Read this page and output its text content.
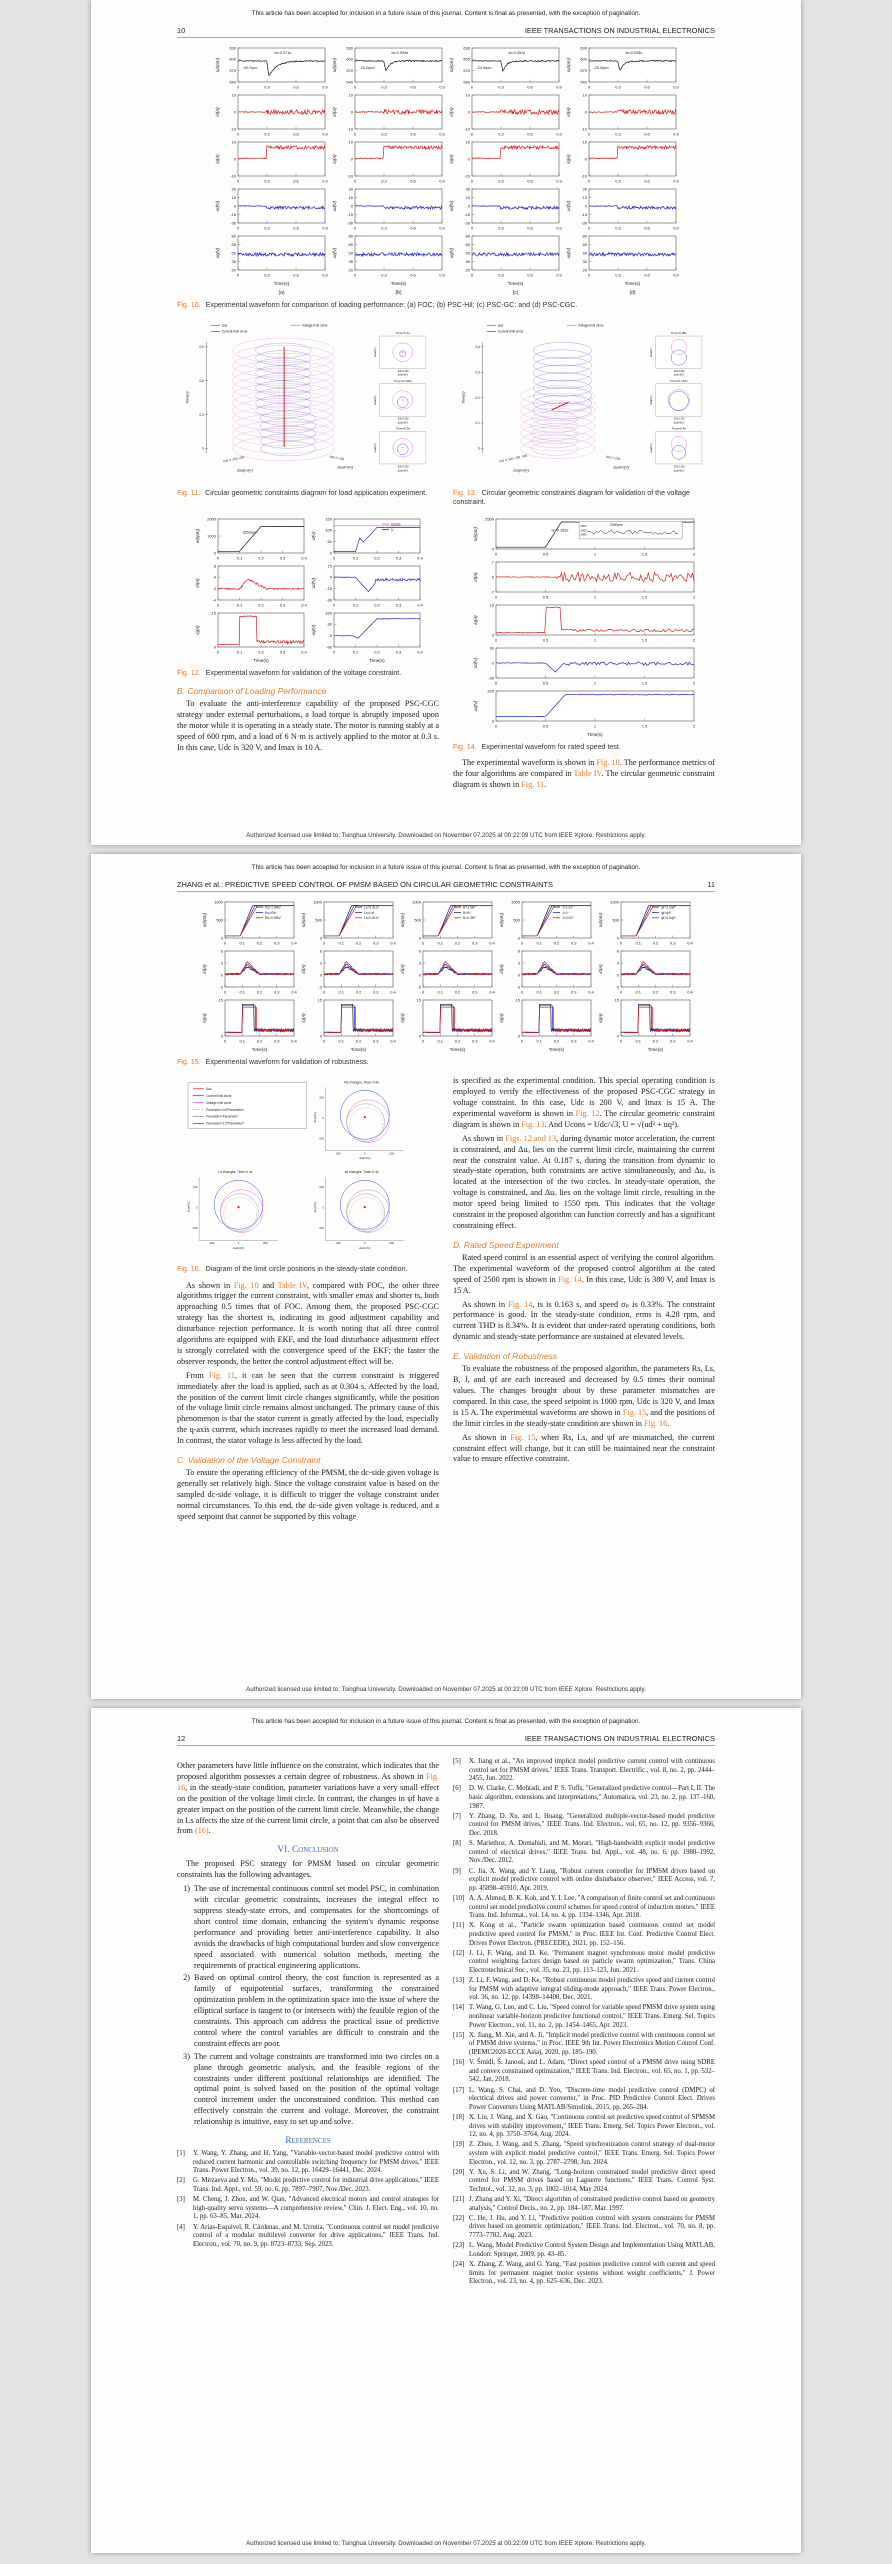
This article has been accepted for inclusion in a future issue of this journal. Content is final as presented, with the exception of pagination.
10	IEEE TRANSACTIONS ON INDUSTRIAL ELECTRONICS
630
600
570
540
ω(rpm)
0	0.3	0.6	0.9
ts=0.071s
-49.7rpm
630
600
570
540
ω(rpm)
0	0.3	0.6	0.9
ts=0.053s
-24.2rpm
630
600
570
540
ω(rpm)
0	0.3	0.6	0.9
ts=0.052s
-24.3rpm
630
600
570
540
ω(rpm)
0	0.3	0.6	0.9
ts=0.028s
-26.3rpm
10
0
-10
id(A)
0	0.3	0.6	0.9
10
0
-10
id(A)
0	0.3	0.6	0.9
10
0
-10
id(A)
0	0.3	0.6	0.9
10
0
-10
id(A)
0	0.3	0.6	0.9
10
0
-10
iq(A)
0	0.3	0.6	0.9
10
0
-10
iq(A)
0	0.3	0.6	0.9
10
0
-10
iq(A)
0	0.3	0.6	0.9
10
0
-10
iq(A)
0	0.3	0.6	0.9
30
15
0
-15
-30
ud(V)
0	0.3	0.6	0.9
30
15
0
-15
-30
ud(V)
0	0.3	0.6	0.9
30
15
0
-15
-30
ud(V)
0	0.3	0.6	0.9
30
15
0
-15
-30
ud(V)
0	0.3	0.6	0.9
80
65
50
35
20
uq(V)
0	0.3	0.6	0.9
Time(s)
(a)
80
65
50
35
20
uq(V)
0	0.3	0.6	0.9
Time(s)
(b)
80
65
50
35
20
uq(V)
0	0.3	0.6	0.9
Time(s)
(c)
80
65
50
35
20
uq(V)
0	0.3	0.6	0.9
Time(s)
(d)
Fig. 10. Experimental waveform for comparison of loading performance: (a) FOC; (b) PSC-Hil; (c) PSC-GC; and (d) PSC-CGC.
Δus
Current limit circle
Voltage limit circle
0.9
0.6
0.3
0
Time(s)
100 0 -100 -200	200 0 -200
Δuqm(V)
Δudm(V)
Time=0.1s
-200 0 200
Δudm(V)
Δuqm(V)
Time=0.304s
-200 0 200
Δudm(V)
Δuqm(V)
Time=0.9s
-200 0 200
Δudm(V)
Δuqm(V)
Fig. 11. Circular geometric constraints diagram for load application experiment.
Δus
Current limit circle
Voltage limit circle
0.4
0.3
0.2
0.1
0
Time(s)
100 0 -100 -200 -300	200 0 -200
Δuqm(V)
Δudm(V)
Time=0.05s
-200 0 200
Δudm(V)
Δuqm(V)
Time=0.187s
-200 0 200
Δudm(V)
Δuqm(V)
Time=0.4s
-200 0 200
Δudm(V)
Δuqm(V)
Fig. 13. Circular geometric constraints diagram for validation of the voltage constraint.
2000
1000
0
ω(rpm)
0	0.1	0.2	0.3	0.4
1550rpm
150
100
50
0
U(V)
0	0.1	0.2	0.3	0.4
Ucons
U
8
4
0
-4
id(A)
0	0.1	0.2	0.3	0.4
15
0
-15
-30
ud(V)
0	0.1	0.2	0.3	0.4
15
0
iq(A)
0	0.1	0.2	0.3	0.4
Time(s)
160
80
0
-80
uq(V)
0	0.1	0.2	0.3	0.4
Time(s)
Fig. 12. Experimental waveform for validation of the voltage constraint.
B. Comparison of Loading Performance
To evaluate the anti-interference capability of the proposed PSC-CGC strategy under external perturbations, a load torque is abruptly imposed upon the motor while it is operating in a steady state. The motor is running stably at a speed of 600 rpm, and a load of 6 N·m is actively applied to the motor at 0.3 s. In this case, Udc is 320 V, and Imax is 10 A.
2500
0
ω(rpm)
0	0.5	1	1.5	2
ts=0.163s
2520
2500
2480
2500rpm
7
0
-7
id(A)
0	0.5	1	1.5	2
18
0
iq(A)
0	0.5	1	1.5	2
30
0
-30
ud(V)
0	0.5	1	1.5	2
200
0
uq(V)
0	0.5	1	1.5	2
Time(s)
Fig. 14. Experimental waveform for rated speed test.
The experimental waveform is shown in Fig. 10. The performance metrics of the four algorithms are compared in Table IV. The circular geometric constraint diagram is shown in Fig. 11.
Authorized licensed use limited to: Tsinghua University. Downloaded on November 07,2025 at 00:22:09 UTC from IEEE Xplore. Restrictions apply.
This article has been accepted for inclusion in a future issue of this journal. Content is final as presented, with the exception of pagination.
ZHANG et al.: PREDICTIVE SPEED CONTROL OF PMSM BASED ON CIRCULAR GEOMETRIC CONSTRAINTS	11
1000
500
0
ω(rpm)
0	0.1	0.2	0.3	0.4
Rs=1.5Rs*
Rs=Rs*
Rs=0.5Rs*
1000
500
0
ω(rpm)
0	0.1	0.2	0.3	0.4
Ls=1.5Ls*
Ls=Ls*
Ls=0.5Ls*
1000
500
0
ω(rpm)
0	0.1	0.2	0.3	0.4
B=1.5B*
B=B*
B=0.5B*
1000
500
0
ω(rpm)
0	0.1	0.2	0.3	0.4
J=1.5J*
J=J*
J=0.5J*
1000
500
0
ω(rpm)
0	0.1	0.2	0.3	0.4
ψf=1.5ψf*
ψf=ψf*
ψf=0.5ψf*
6
3
0
-3
id(A)
0	0.1	0.2	0.3	0.4
6
3
0
-3
id(A)
0	0.1	0.2	0.3	0.4
6
3
0
-3
id(A)
0	0.1	0.2	0.3	0.4
6
3
0
-3
id(A)
0	0.1	0.2	0.3	0.4
6
3
0
-3
id(A)
0	0.1	0.2	0.3	0.4
15
0
iq(A)
0	0.1	0.2	0.3	0.4
Time(s)
15
0
iq(A)
0	0.1	0.2	0.3	0.4
Time(s)
15
0
iq(A)
0	0.1	0.2	0.3	0.4
Time(s)
15
0
iq(A)
0	0.1	0.2	0.3	0.4
Time(s)
15
0
iq(A)
0	0.1	0.2	0.3	0.4
Time(s)
Fig. 15. Experimental waveform for validation of robustness.
Δus
Current limit circle
Voltage limit circle
Parameter=0.5*Parameter*
Parameter=Parameter*
Parameter=1.5*Parameter*
Rs changes, Time=0.4s
100
0
-100
-200	0	200
Δudm(V)
Δuqm(V)
Ls changes, Time=0.4s
100
0
-100
-200	0	200
Δudm(V)
Δuqm(V)
ψf changes, Time=0.4s
100
0
-100
-200	0	200
Δudm(V)
Δuqm(V)
Fig. 16. Diagram of the limit circle positions in the steady-state condition.
As shown in Fig. 10 and Table IV, compared with FOC, the other three algorithms trigger the current constraint, with smaller emax and shorter ts, both approaching 0.5 times that of FOC. Among them, the proposed PSC-CGC strategy has the shortest ts, indicating its good adjustment capability and disturbance rejection performance. It is worth noting that all three control algorithms are equipped with EKF, and the load disturbance adjustment effect is strongly correlated with the convergence speed of the EKF; the faster the observer responds, the better the control adjustment effect will be.
From Fig. 11, it can be seen that the current constraint is triggered immediately after the load is applied, such as at 0.304 s. Affected by the load, the position of the current limit circle changes significantly, while the position of the voltage limit circle remains almost unchanged. The primary cause of this phenomenon is that the stator current is greatly affected by the load, especially the q-axis current, which increases rapidly to meet the increased load demand. In contrast, the stator voltage is less affected by the load.
C. Validation of the Voltage Constraint
To ensure the operating efficiency of the PMSM, the dc-side given voltage is generally set relatively high. Since the voltage constraint value is based on the sampled dc-side voltage, it is difficult to trigger the voltage constraint under normal circumstances. To this end, the dc-side given voltage is reduced, and a speed setpoint that cannot be supported by this voltage
is specified as the experimental condition. This special operating condition is employed to verify the effectiveness of the proposed PSC-CGC strategy in voltage constraint. In this case, Udc is 200 V, and Imax is 15 A. The experimental waveform is shown in Fig. 12. The circular geometric constraint diagram is shown in Fig. 13. And Ucons = Udc/√3, U = √(ud² + uq²).
As shown in Figs. 12 and 13, during dynamic motor acceleration, the current is constrained, and Δuₒ lies on the current limit circle, maintaining the current near the constraint value. At 0.187 s, during the transition from dynamic to steady-state operation, both constraints are active simultaneously, and Δuₒ is located at the intersection of the two circles. In steady-state operation, the voltage is constrained, and Δuₒ lies on the voltage limit circle, resulting in the motor speed being limited to 1550 rpm. This indicates that the voltage constraint in the proposed algorithm can function correctly and has a significant constraining effect.
D. Rated Speed Experiment
Rated speed control is an essential aspect of verifying the control algorithm. The experimental waveform of the proposed control algorithm at the rated speed of 2500 rpm is shown in Fig. 14. In this case, Udc is 380 V, and Imax is 15 A.
As shown in Fig. 14, ts is 0.163 s, and speed σₚ is 0.33%. The constraint performance is good. In the steady-state condition, erms is 4.28 rpm, and current THD is 8.34%. It is evident that under-rated operating conditions, both dynamic and steady-state performance are sustained at elevated levels.
E. Validation of Robustness
To evaluate the robustness of the proposed algorithm, the parameters Rs, Ls, B, J, and ψf are each increased and decreased by 0.5 times their nominal values. The changes brought about by these parameter mismatches are compared. In this case, the speed setpoint is 1000 rpm, Udc is 320 V, and Imax is 15 A. The experimental waveforms are shown in Fig. 15, and the positions of the limit circles in the steady-state condition are shown in Fig. 16.
As shown in Fig. 15, when Rs, Ls, and ψf are mismatched, the current constraint effect will change, but it can still be maintained near the constraint value to ensure effective constraint.
Authorized licensed use limited to: Tsinghua University. Downloaded on November 07,2025 at 00:22:09 UTC from IEEE Xplore. Restrictions apply.
This article has been accepted for inclusion in a future issue of this journal. Content is final as presented, with the exception of pagination.
12	IEEE TRANSACTIONS ON INDUSTRIAL ELECTRONICS
Other parameters have little influence on the constraint, which indicates that the proposed algorithm possesses a certain degree of robustness. As shown in Fig. 16, in the steady-state condition, parameter variations have a very small effect on the position of the voltage limit circle. In contrast, the changes in ψf have a greater impact on the position of the current limit circle. Meanwhile, the change in Ls affects the size of the current limit circle, a point that can also be observed from (16).
VI. Conclusion
The proposed PSC strategy for PMSM based on circular geometric constraints has the following advantages.
1) The use of incremental continuous control set model PSC, in combination with circular geometric constraints, increases the integral effect to suppress steady-state errors, and compensates for the shortcomings of short control time domain, enhancing the system's dynamic response performance and providing better anti-interference capability. It also avoids the drawbacks of high computational burden and slow convergence speed associated with numerical solution methods, meeting the requirements of practical engineering applications.
2) Based on optimal control theory, the cost function is represented as a family of equipotential surfaces, transforming the constrained optimization problem in the optimization space into the issue of where the elliptical surface is tangent to (or intersects with) the feasible region of the constraints. This approach can address the practical issue of predictive control where the control variables are difficult to constrain and the constraint effects are poor.
3) The current and voltage constraints are transformed into two circles on a plane through geometric analysis, and the feasible regions of the constraints under different positional relationships are identified. The optimal point is solved based on the position of the optimal voltage control increment under the unconstrained condition. This method can effectively constrain the current and voltage. Moreover, the constraint relationship is intuitive, easy to set up and solve.
References
[1]	Y. Wang, Y. Zhang, and H. Yang, "Variable-vector-based model predictive control with reduced current harmonic and controllable switching frequency for PMSM drives," IEEE Trans. Power Electron., vol. 39, no. 12, pp. 16429–16441, Dec. 2024.
[2]	G. Mirzaeva and Y. Mo, "Model predictive control for industrial drive applications," IEEE Trans. Ind. Appl., vol. 59, no. 6, pp. 7897–7907, Nov./Dec. 2023.
[3]	M. Cheng, J. Zhou, and W. Qian, "Advanced electrical motors and control strategies for high-quality servo systems—A comprehensive review," Chin. J. Elect. Eng., vol. 10, no. 1, pp. 63–85, Mar. 2024.
[4]	Y. Arias-Esquivel, R. Cárdenas, and M. Urrutia, "Continuous control set model predictive control of a modular multilevel converter for drive applications," IEEE Trans. Ind. Electron., vol. 70, no. 9, pp. 8723–8733, Sep. 2023.
[5]	X. Jiang et al., "An improved implicit model predictive current control with continuous control set for PMSM drives," IEEE Trans. Transport. Electrific., vol. 8, no. 2, pp. 2444–2455, Jun. 2022.
[6]	D. W. Clarke, C. Mohtadi, and P. S. Tuffs, "Generalized predictive control—Part I, II. The basic algorithm, extensions and interpretations," Automatica, vol. 23, no. 2, pp. 137–160, 1987.
[7]	Y. Zhang, D. Xu, and L. Huang, "Generalized multiple-vector-based model predictive control for PMSM drives," IEEE Trans. Ind. Electron., vol. 65, no. 12, pp. 9356–9366, Dec. 2018.
[8]	S. Mariethoz, A. Domahidi, and M. Morari, "High-bandwidth explicit model predictive control of electrical drives," IEEE Trans. Ind. Appl., vol. 48, no. 6, pp. 1980–1992, Nov./Dec. 2012.
[9]	C. Jia, X. Wang, and Y. Liang, "Robust current controller for IPMSM drives based on explicit model predictive control with online disturbance observer," IEEE Access, vol. 7, pp. 45898–45910, Apr. 2019.
[10] A. A. Ahmed, B. K. Koh, and Y. I. Lee, "A comparison of finite control set and continuous control set model predictive control schemes for speed control of induction motors," IEEE Trans. Ind. Informat., vol. 14, no. 4, pp. 1334–1346, Apr. 2018.
[11] X. Kong et al., "Particle swarm optimization based continuous control set model predictive speed control for PMSM," in Proc. IEEE Int. Conf. Predictive Control Elect. Drives Power Electron. (PRECEDE), 2021, pp. 152–156.
[12] J. Li, F. Wang, and D. Ke, "Permanent magnet synchronous motor model predictive control weighting factors design based on particle swarm optimization," Trans. China Electrotechnical Soc., vol. 35, no. 23, pp. 113–123, Jun. 2021.
[13] Z. Li, F. Wang, and D. Ke, "Robust continuous model predictive speed and current control for PMSM with adaptive integral sliding-mode approach," IEEE Trans. Power Electron., vol. 36, no. 12, pp. 14398–14408, Dec. 2021.
[14] T. Wang, G. Luo, and C. Liu, "Speed control for variable speed PMSM drive system using nonlinear variable-horizon predictive functional control," IEEE Trans. Emerg. Sel. Topics Power Electron., vol. 11, no. 2, pp. 1454–1465, Apr. 2023.
[15] X. Jiang, M. Xie, and A. Ji, "Implicit model predictive control with continuous control set of PMSM drive systems," in Proc. IEEE 9th Int. Power Electronics Motion Control Conf. (IPEMC2020-ECCE Asia), 2020, pp. 185–190.
[16] V. Šmídl, Š. Janouš, and L. Adam, "Direct speed control of a PMSM drive using SDRE and convex constrained optimization," IEEE Trans. Ind. Electron., vol. 65, no. 1, pp. 532–542, Jan. 2018.
[17] L. Wang, S. Chai, and D. Yoo, "Discrete-time model predictive control (DMPC) of electrical drives and power converter," in Proc. PID Predictive Control Elect. Drives Power Converters Using MATLAB/Simulink, 2015, pp. 265–284.
[18] X. Liu, J. Wang, and X. Gao, "Continuous control set predictive speed control of SPMSM drives with stability improvement," IEEE Trans. Emerg. Sel. Topics Power Electron., vol. 12, no. 4, pp. 3750–3764, Aug. 2024.
[19] Z. Zhou, J. Wang, and S. Zhang, "Speed synchronization control strategy of dual-motor system with explicit model predictive control," IEEE Trans. Emerg. Sel. Topics Power Electron., vol. 12, no. 3, pp. 2787–2798, Jun. 2024.
[20] Y. Xu, S. Li, and W. Zhang, "Long-horizon constrained model predictive direct speed control for PMSM drives based on Laguerre functions," IEEE Trans. Control Syst. Technol., vol. 32, no. 3, pp. 1002–1014, May 2024.
[21] J. Zhang and Y. Xi, "Direct algorithm of constrained predictive control based on geometry analysis," Control Decis., no. 2, pp. 184–187, Mar. 1997.
[22] C. He, J. Hu, and Y. Li, "Predictive position control with system constraints for PMSM drives based on geometric optimization," IEEE Trans. Ind. Electron., vol. 70, no. 8, pp. 7773–7782, Aug. 2023.
[23] L. Wang, Model Predictive Control System Design and Implementation Using MATLAB, London: Springer, 2009, pp. 43–85.
[24] X. Zhang, Z. Wang, and G. Yang, "Fast position predictive control with current and speed limits for permanent magnet motor systems without weight coefficients," J. Power Electron., vol. 23, no. 4, pp. 625–636, Dec. 2023.
Authorized licensed use limited to: Tsinghua University. Downloaded on November 07,2025 at 00:22:09 UTC from IEEE Xplore. Restrictions apply.
